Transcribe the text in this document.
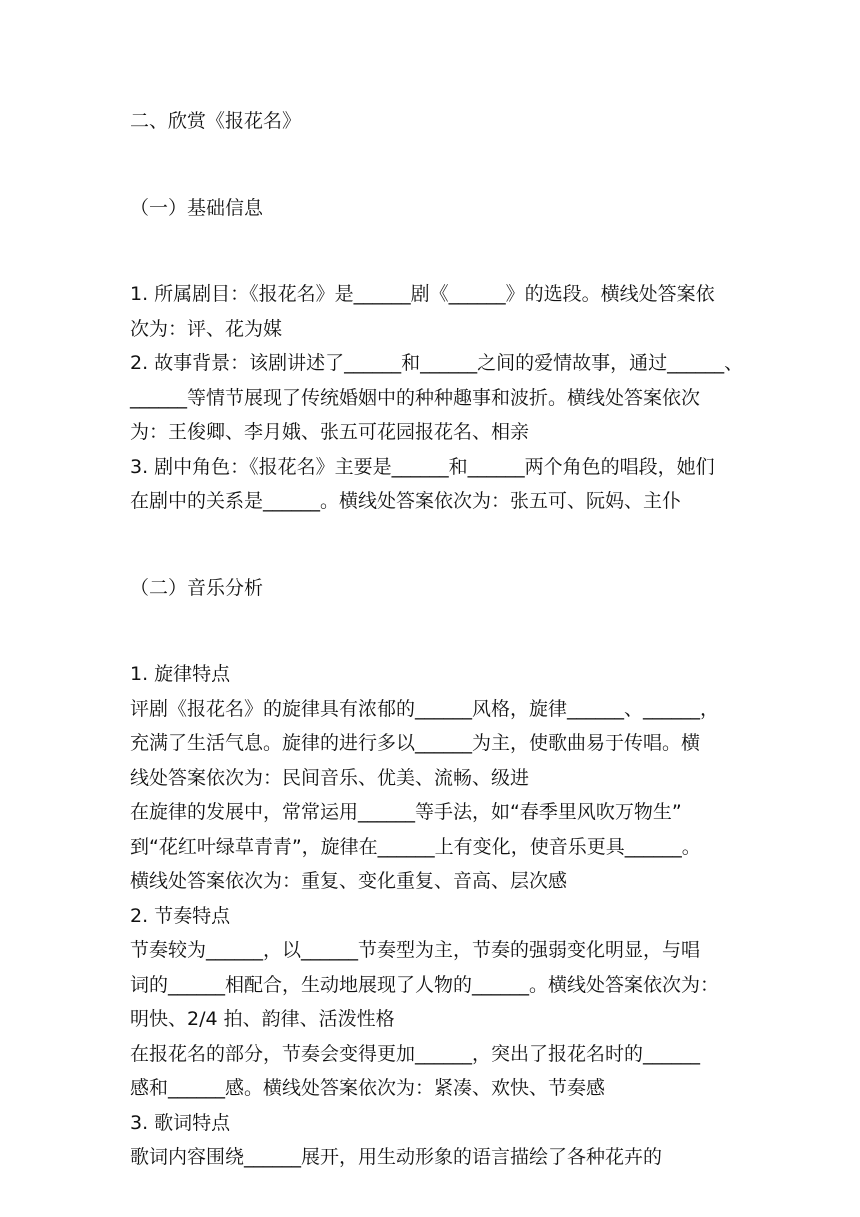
二、欣赏《报花名》
（一）基础信息
1. 所属剧目：《报花名》是______剧《______》的选段。横线处答案依
次为：评、花为媒
2. 故事背景：该剧讲述了______和______之间的爱情故事，通过______、
______等情节展现了传统婚姻中的种种趣事和波折。横线处答案依次
为：王俊卿、李月娥、张五可花园报花名、相亲
3. 剧中角色：《报花名》主要是______和______两个角色的唱段，她们
在剧中的关系是______。横线处答案依次为：张五可、阮妈、主仆
（二）音乐分析
1. 旋律特点
评剧《报花名》的旋律具有浓郁的______风格，旋律______、______，
充满了生活气息。旋律的进行多以______为主，使歌曲易于传唱。横
线处答案依次为：民间音乐、优美、流畅、级进
在旋律的发展中，常常运用______等手法，如“春季里风吹万物生”
到“花红叶绿草青青”，旋律在______上有变化，使音乐更具______。
横线处答案依次为：重复、变化重复、音高、层次感
2. 节奏特点
节奏较为______，以______节奏型为主，节奏的强弱变化明显，与唱
词的______相配合，生动地展现了人物的______。横线处答案依次为：
明快、2/4 拍、韵律、活泼性格
在报花名的部分，节奏会变得更加______，突出了报花名时的______
感和______感。横线处答案依次为：紧凑、欢快、节奏感
3. 歌词特点
歌词内容围绕______展开，用生动形象的语言描绘了各种花卉的
